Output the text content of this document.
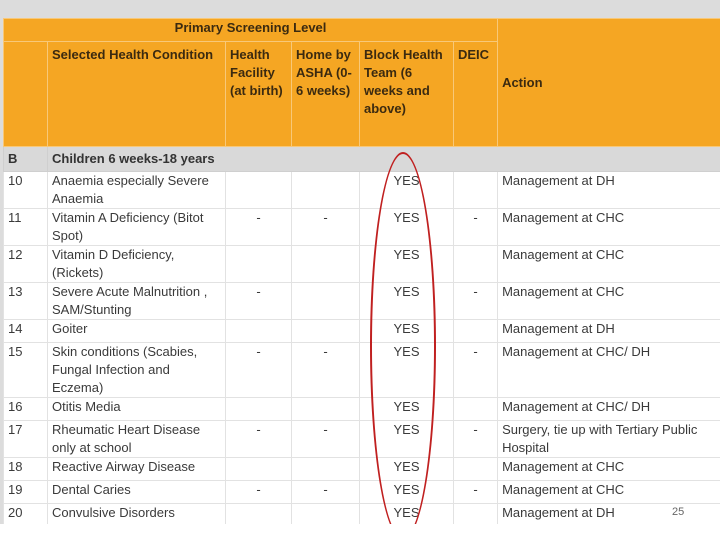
Primary Screening Level						Action
	Selected Health Condition	Health Facility (at birth)	Home by ASHA (0-6 weeks)	Block Health Team (6 weeks and above)	DEIC	
B	Children 6 weeks-18 years					
10	Anaemia especially Severe Anaemia			YES		Management at DH
11	Vitamin A Deficiency (Bitot Spot)	-	-	YES	-	Management at CHC
12	Vitamin D Deficiency, (Rickets)			YES		Management at CHC
13	Severe Acute Malnutrition , SAM/Stunting	-		YES	-	Management at CHC
14	Goiter			YES		Management at DH
15	Skin conditions (Scabies, Fungal Infection and Eczema)	-	-	YES	-	Management at CHC/ DH
16	Otitis Media			YES		Management at CHC/ DH
17	Rheumatic Heart Disease only at school	-	-	YES	-	Surgery, tie up with Tertiary Public Hospital
18	Reactive Airway Disease			YES		Management at CHC
19	Dental Caries	-	-	YES	-	Management at CHC
20	Convulsive Disorders			YES		Management at DH	25
